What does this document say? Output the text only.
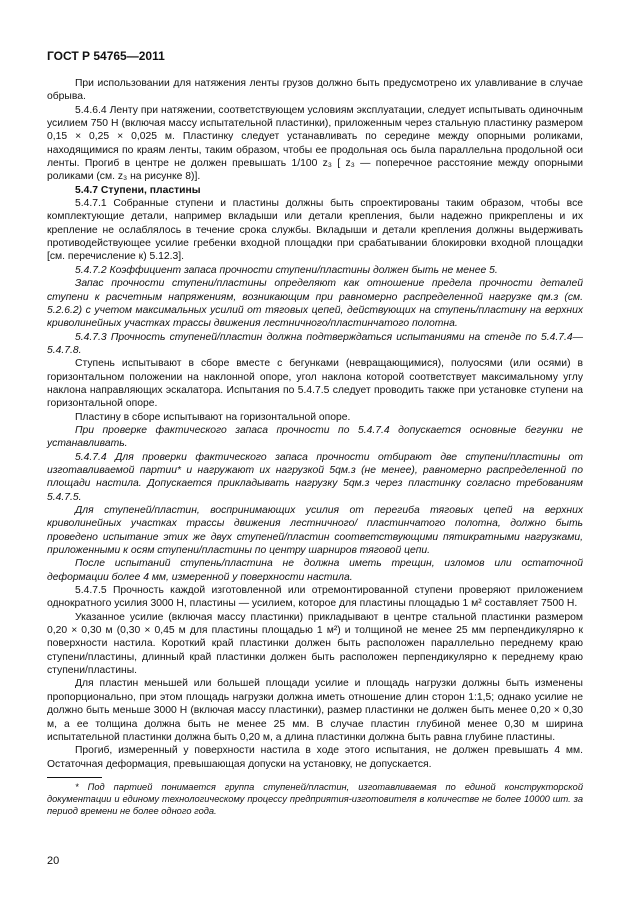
ГОСТ Р 54765—2011

При использовании для натяжения ленты грузов должно быть предусмотрено их улавливание в случае обрыва.

5.4.6.4 Ленту при натяжении, соответствующем условиям эксплуатации, следует испытывать одиночным усилием 750 Н (включая массу испытательной пластинки), приложенным через стальную пластинку размером 0,15 × 0,25 × 0,025 м. Пластинку следует устанавливать по середине между опорными роликами, находящимися по краям ленты, таким образом, чтобы ее продольная ось была параллельна продольной оси ленты. Прогиб в центре не должен превышать 1/100 z₃ [ z₃ — поперечное расстояние между опорными роликами (см. z₃ на рисунке 8)].

5.4.7 Ступени, пластины

5.4.7.1 Собранные ступени и пластины должны быть спроектированы таким образом, чтобы все комплектующие детали, например вкладыши или детали крепления, были надежно прикреплены и их крепление не ослаблялось в течение срока службы. Вкладыши и детали крепления должны выдерживать противодействующее усилие гребенки входной площадки при срабатывании блокировки входной площадки [см. перечисление к) 5.12.3].

5.4.7.2 Коэффициент запаса прочности ступени/пластины должен быть не менее 5.

Запас прочности ступени/пластины определяют как отношение предела прочности деталей ступени к расчетным напряжениям, возникающим при равномерно распределенной нагрузке qм.з (см. 5.2.6.2) с учетом максимальных усилий от тяговых цепей, действующих на ступень/пластину на верхних криволинейных участках трассы движения лестничного/пластинчатого полотна.

5.4.7.3 Прочность ступеней/пластин должна подтверждаться испытаниями на стенде по 5.4.7.4—5.4.7.8.

Ступень испытывают в сборе вместе с бегунками (невращающимися), полуосями (или осями) в горизонтальном положении на наклонной опоре, угол наклона которой соответствует максимальному углу наклона направляющих эскалатора. Испытания по 5.4.7.5 следует проводить также при установке ступени на горизонтальной опоре.

Пластину в сборе испытывают на горизонтальной опоре.

При проверке фактического запаса прочности по 5.4.7.4 допускается основные бегунки не устанавливать.

5.4.7.4 Для проверки фактического запаса прочности отбирают две ступени/пластины от изготавливаемой партии* и нагружают их нагрузкой 5qм.з (не менее), равномерно распределенной по площади настила. Допускается прикладывать нагрузку 5qм.з через пластинку согласно требованиям 5.4.7.5.

Для ступеней/пластин, воспринимающих усилия от перегиба тяговых цепей на верхних криволинейных участках трассы движения лестничного/ пластинчатого полотна, должно быть проведено испытание этих же двух ступеней/пластин соответствующими пятикратными нагрузками, приложенными к осям ступени/пластины по центру шарниров тяговой цепи.

После испытаний ступень/пластина не должна иметь трещин, изломов или остаточной деформации более 4 мм, измеренной у поверхности настила.

5.4.7.5 Прочность каждой изготовленной или отремонтированной ступени проверяют приложением однократного усилия 3000 Н, пластины — усилием, которое для пластины площадью 1 м² составляет 7500 Н.

Указанное усилие (включая массу пластинки) прикладывают в центре стальной пластинки размером 0,20 × 0,30 м (0,30 × 0,45 м для пластины площадью 1 м²) и толщиной не менее 25 мм перпендикулярно к поверхности настила. Короткий край пластинки должен быть расположен параллельно переднему краю ступени/пластины, длинный край пластинки должен быть расположен перпендикулярно к переднему краю ступени/пластины.

Для пластин меньшей или большей площади усилие и площадь нагрузки должны быть изменены пропорционально, при этом площадь нагрузки должна иметь отношение длин сторон 1:1,5; однако усилие не должно быть меньше 3000 Н (включая массу пластинки), размер пластинки не должен быть менее 0,20 × 0,30 м, а ее толщина должна быть не менее 25 мм. В случае пластин глубиной менее 0,30 м ширина испытательной пластинки должна быть 0,20 м, а длина пластинки должна быть равна глубине пластины.

Прогиб, измеренный у поверхности настила в ходе этого испытания, не должен превышать 4 мм. Остаточная деформация, превышающая допуски на установку, не допускается.

* Под партией понимается группа ступеней/пластин, изготавливаемая по единой конструкторской документации и единому технологическому процессу предприятия-изготовителя в количестве не более 10000 шт. за период времени не более одного года.

20
